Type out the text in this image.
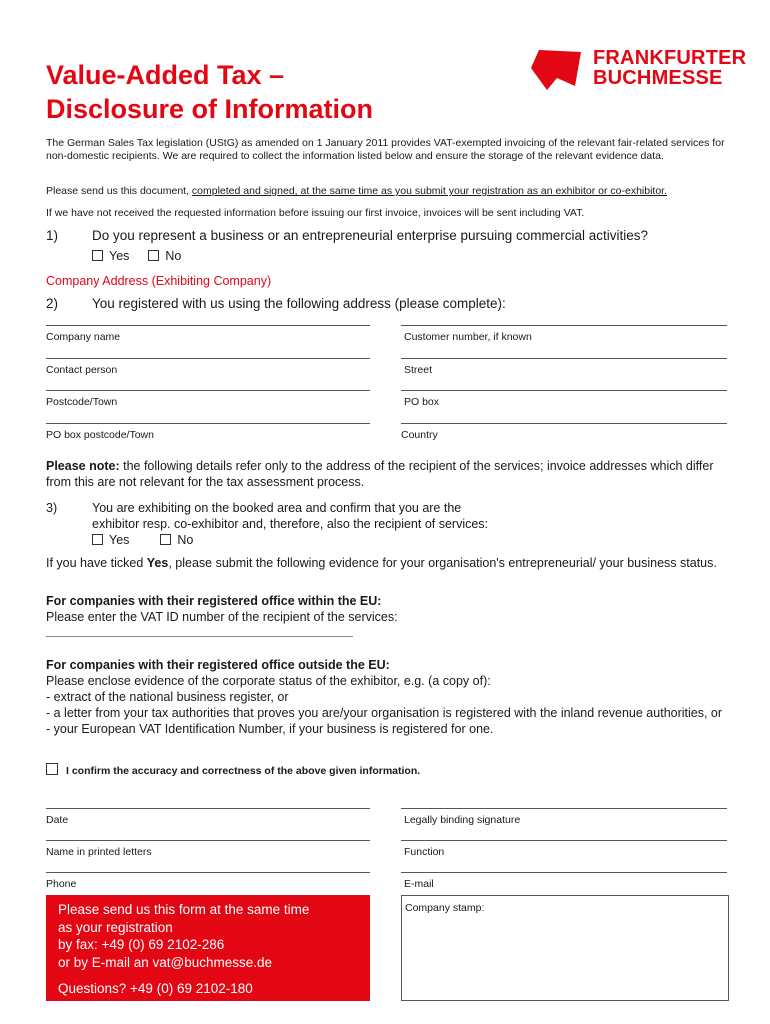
Value-Added Tax –
Disclosure of Information
FRANKFURTER
BUCHMESSE
The German Sales Tax legislation (UStG) as amended on 1 January 2011 provides VAT-exempted invoicing of the relevant fair-related services for non-domestic recipients. We are required to collect the information listed below and ensure the storage of the relevant evidence data.
Please send us this document, completed and signed, at the same time as you submit your registration as an exhibitor or co-exhibitor.
If we have not received the requested information before issuing our first invoice, invoices will be sent including VAT.
1)	Do you represent a business or an entrepreneurial enterprise pursuing commercial activities?
Yes	No
Company Address (Exhibiting Company)
2)	You registered with us using the following address (please complete):
Company name	Customer number, if known
Contact person	Street
Postcode/Town	PO box
PO box postcode/Town	Country
Please note: the following details refer only to the address of the recipient of the services; invoice addresses which differ from this are not relevant for the tax assessment process.
3)	You are exhibiting on the booked area and confirm that you are the
exhibitor resp. co-exhibitor and, therefore, also the recipient of services:
Yes	No
If you have ticked Yes, please submit the following evidence for your organisation's entrepreneurial/ your business status.
For companies with their registered office within the EU:
Please enter the VAT ID number of the recipient of the services:
For companies with their registered office outside the EU:
Please enclose evidence of the corporate status of the exhibitor, e.g. (a copy of):
- extract of the national business register, or
- a letter from your tax authorities that proves you are/your organisation is registered with the inland revenue authorities, or
- your European VAT Identification Number, if your business is registered for one.
I confirm the accuracy and correctness of the above given information.
Date	Legally binding signature
Name in printed letters	Function
Phone	E-mail
Please send us this form at the same time
as your registration
by fax: +49 (0) 69 2102-286
or by E-mail an vat@buchmesse.de
Questions? +49 (0) 69 2102-180
Company stamp:
